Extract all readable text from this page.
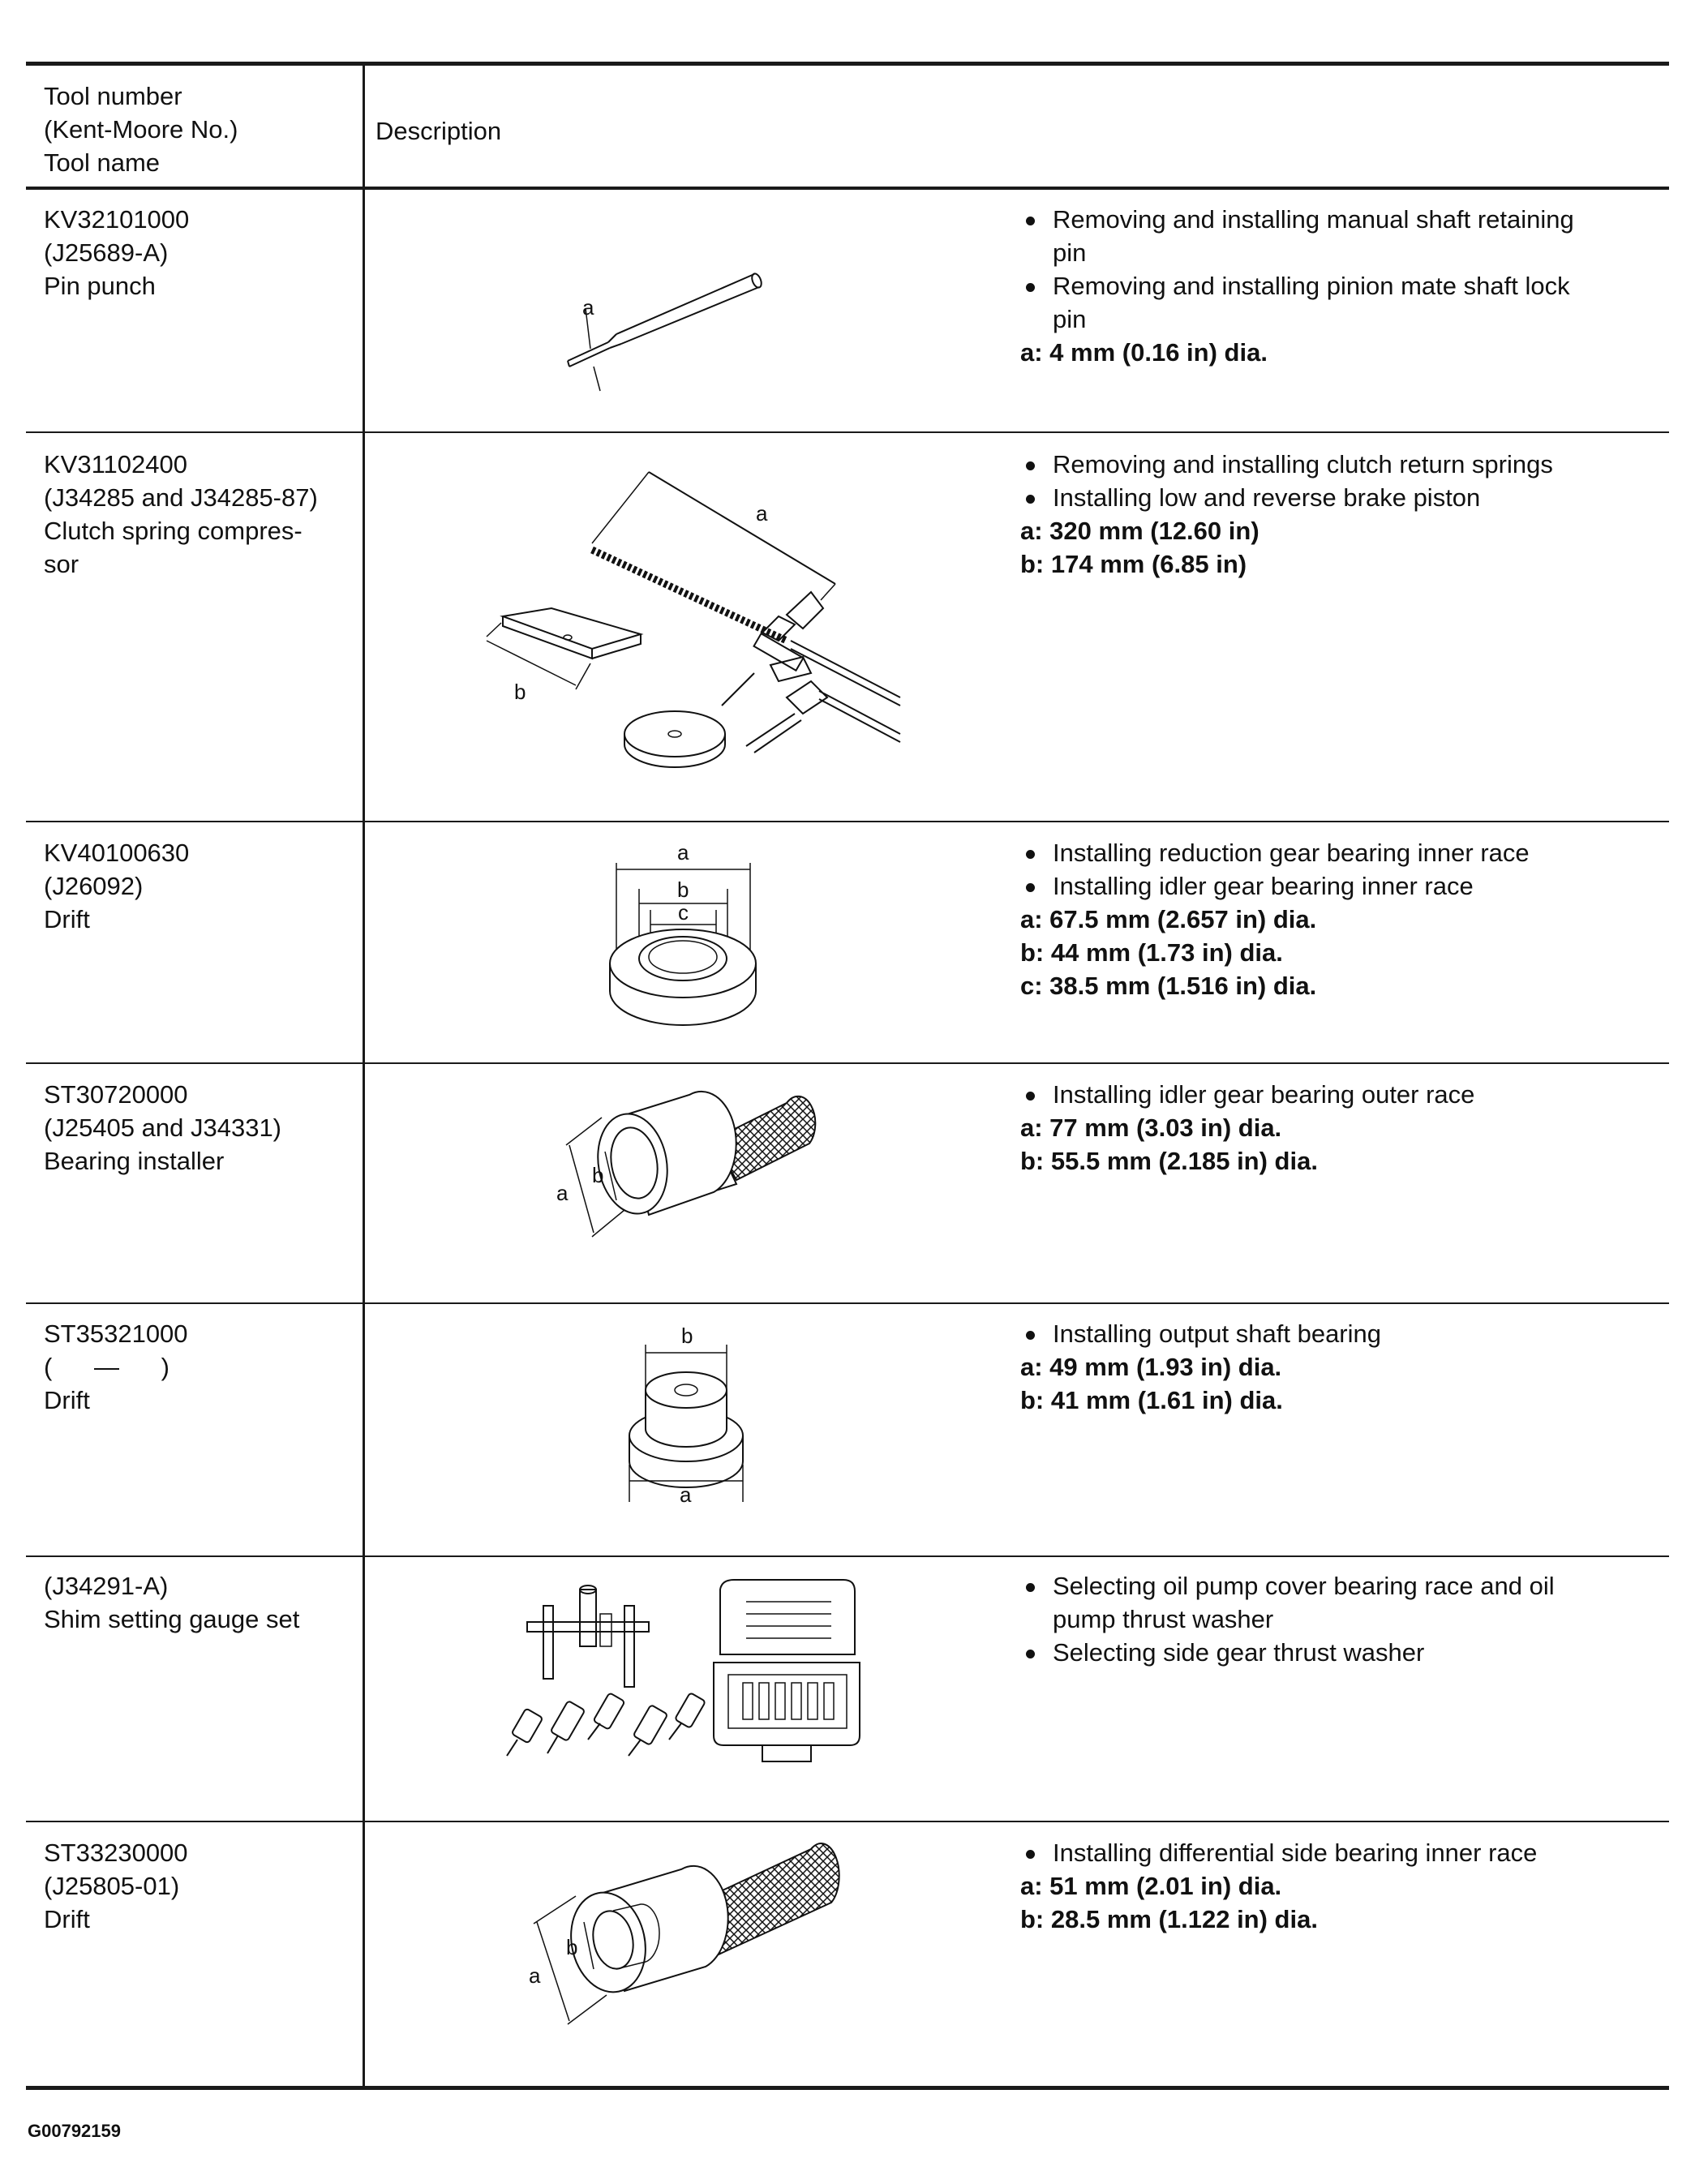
Tool number
(Kent-Moore No.)
Tool name
Description
KV32101000
(J25689-A)
Pin punch
a
Removing and installing manual shaft retaining
pin
Removing and installing pinion mate shaft lock
pin
a: 4 mm (0.16 in) dia.
KV31102400
(J34285 and J34285-87)
Clutch spring compres-
sor
a
b
Removing and installing clutch return springs
Installing low and reverse brake piston
a: 320 mm (12.60 in)
b: 174 mm (6.85 in)
KV40100630
(J26092)
Drift
a
b
c
Installing reduction gear bearing inner race
Installing idler gear bearing inner race
a: 67.5 mm (2.657 in) dia.
b: 44 mm (1.73 in) dia.
c: 38.5 mm (1.516 in) dia.
ST30720000
(J25405 and J34331)
Bearing installer
a
b
Installing idler gear bearing outer race
a: 77 mm (3.03 in) dia.
b: 55.5 mm (2.185 in) dia.
ST35321000
(      —      )
Drift
b
a
Installing output shaft bearing
a: 49 mm (1.93 in) dia.
b: 41 mm (1.61 in) dia.
(J34291-A)
Shim setting gauge set
Selecting oil pump cover bearing race and oil
pump thrust washer
Selecting side gear thrust washer
ST33230000
(J25805-01)
Drift
a
b
Installing differential side bearing inner race
a: 51 mm (2.01 in) dia.
b: 28.5 mm (1.122 in) dia.
G00792159
